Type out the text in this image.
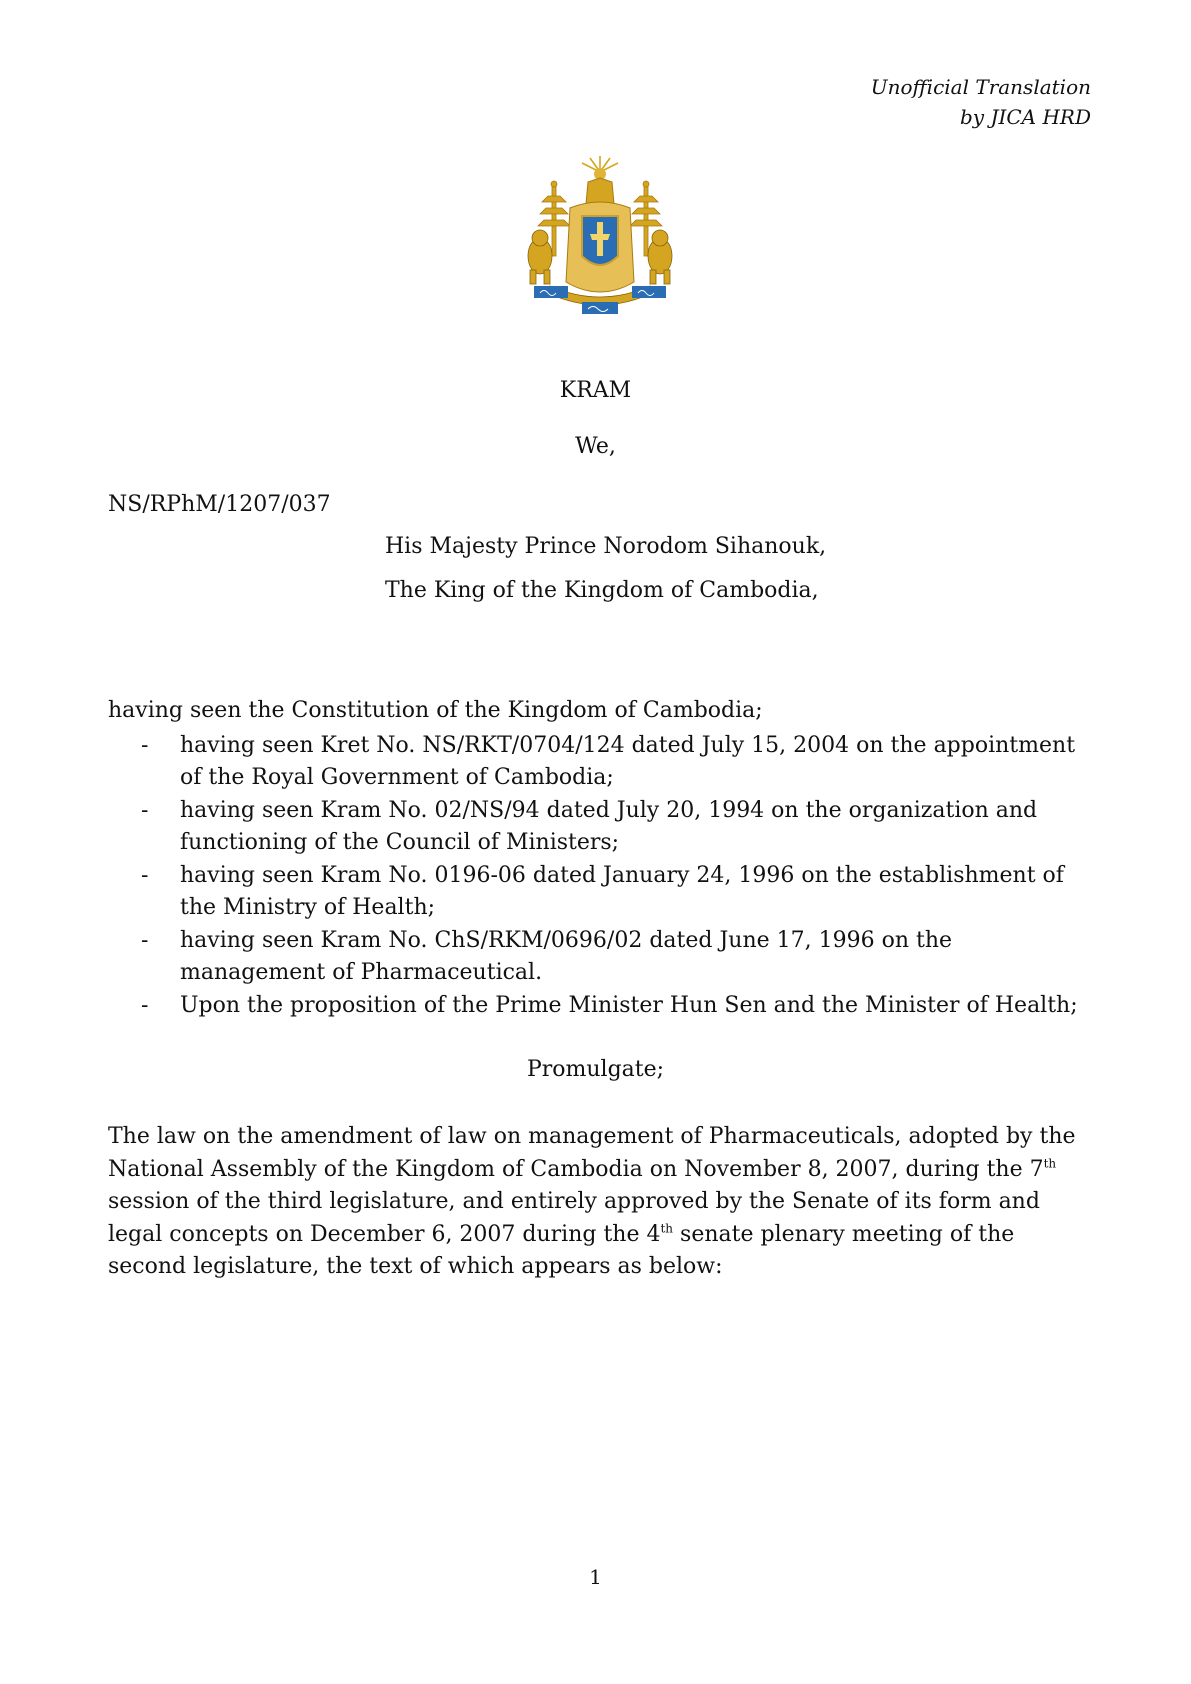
Unofficial Translation
by JICA HRD
KRAM
We,
NS/RPhM/1207/037
His Majesty Prince Norodom Sihanouk,
The King of the Kingdom of Cambodia,
having seen the Constitution of the Kingdom of Cambodia;
- having seen Kret No. NS/RKT/0704/124 dated July 15, 2004 on the appointment of the Royal Government of Cambodia;
- having seen Kram No. 02/NS/94 dated July 20, 1994 on the organization and functioning of the Council of Ministers;
- having seen Kram No. 0196-06 dated January 24, 1996 on the establishment of the Ministry of Health;
- having seen Kram No. ChS/RKM/0696/02 dated June 17, 1996 on the management of Pharmaceutical.
- Upon the proposition of the Prime Minister Hun Sen and the Minister of Health;
Promulgate;
The law on the amendment of law on management of Pharmaceuticals, adopted by the National Assembly of the Kingdom of Cambodia on November 8, 2007, during the 7th session of the third legislature, and entirely approved by the Senate of its form and legal concepts on December 6, 2007 during the 4th senate plenary meeting of the second legislature, the text of which appears as below:
1
